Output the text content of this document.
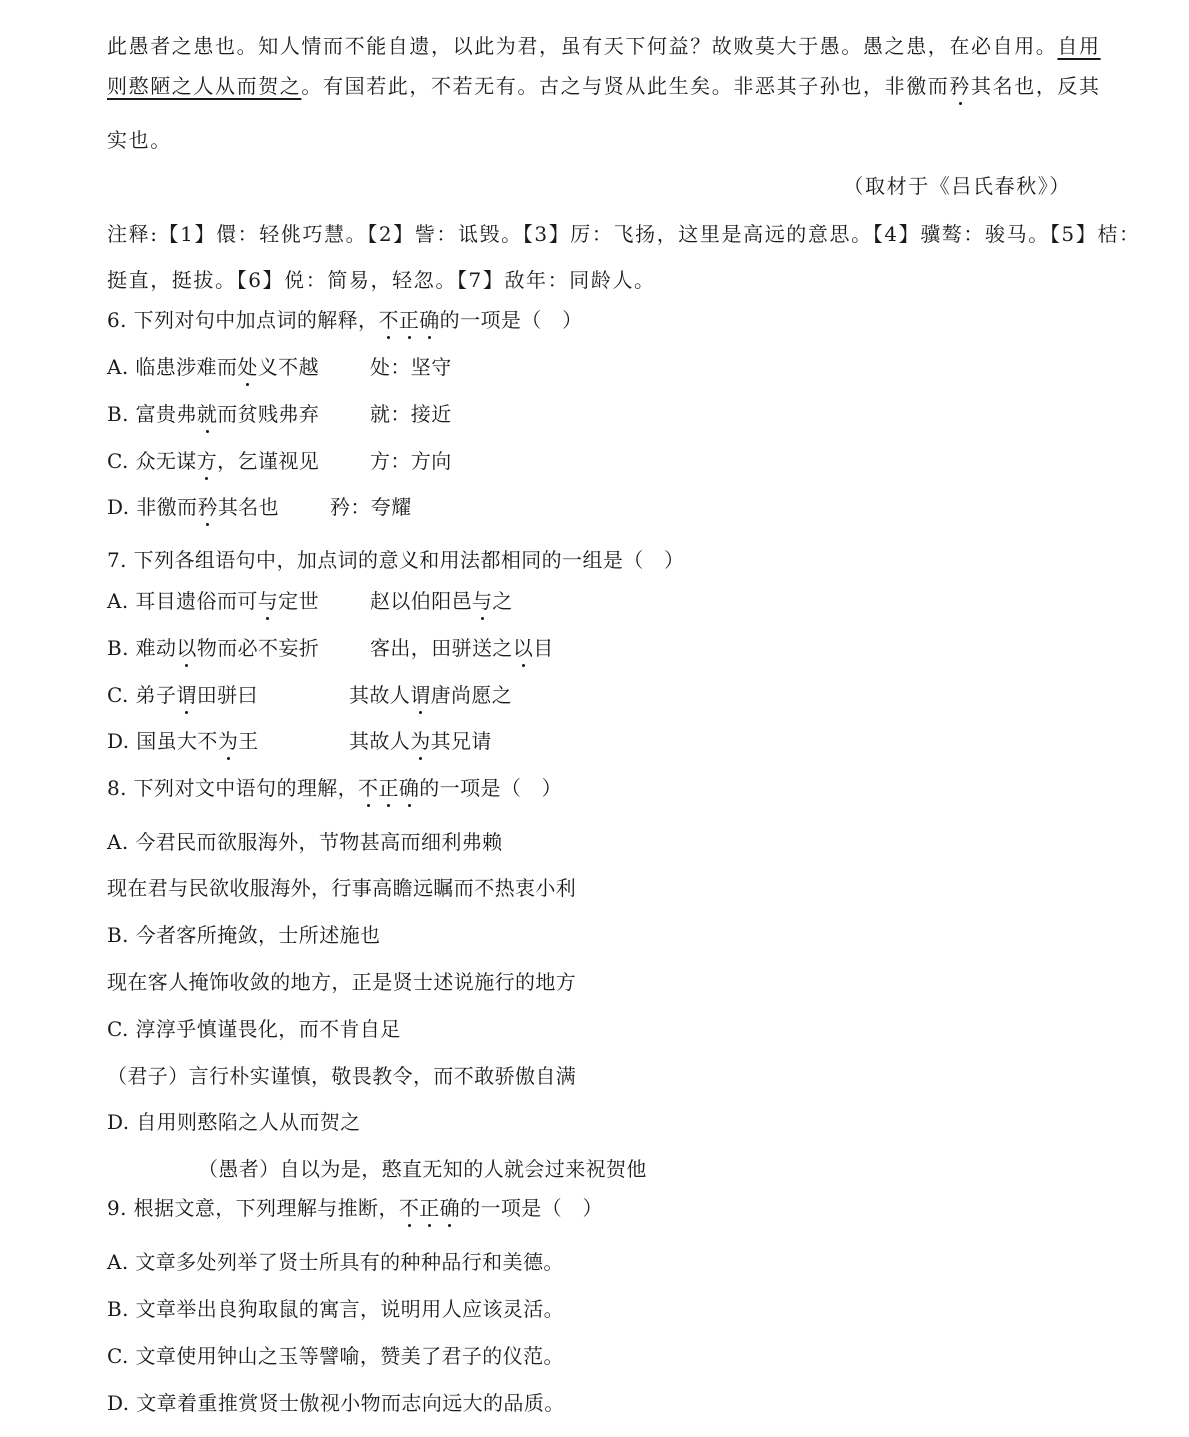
此愚者之患也。知人情而不能自遗，以此为君，虽有天下何益？故败莫大于愚。愚之患，在必自用。自用
则憨陋之人从而贺之。有国若此，不若无有。古之与贤从此生矣。非恶其子孙也，非徼而矜其名也，反其
实也。
（取材于《吕氏春秋》）
注释:【1】儇：轻佻巧慧。【2】訾：诋毁。【3】厉：飞扬，这里是高远的意思。【4】骥骜：骏马。【5】桔：
挺直，挺拔。【6】侻：简易，轻忽。【7】敌年：同龄人。
6. 下列对句中加点词的解释，不正确的一项是（　）
A. 临患涉难而处义不越	处：坚守
B. 富贵弗就而贫贱弗弃	就：接近
C. 众无谋方，乞谨视见	方：方向
D. 非徼而矜其名也	矜：夸耀
7. 下列各组语句中，加点词的意义和用法都相同的一组是（　）
A. 耳目遗俗而可与定世	赵以伯阳邑与之
B. 难动以物而必不妄折	客出，田骈送之以目
C. 弟子谓田骈曰	其故人谓唐尚愿之
D. 国虽大不为王	其故人为其兄请
8. 下列对文中语句的理解，不正确的一项是（　）
A. 今君民而欲服海外，节物甚高而细利弗赖
现在君与民欲收服海外，行事高瞻远瞩而不热衷小利
B. 今者客所掩敛，士所述施也
现在客人掩饰收敛的地方，正是贤士述说施行的地方
C. 淳淳乎慎谨畏化，而不肯自足
（君子）言行朴实谨慎，敬畏教令，而不敢骄傲自满
D. 自用则憨陷之人从而贺之
（愚者）自以为是，憨直无知的人就会过来祝贺他
9. 根据文意，下列理解与推断，不正确的一项是（　）
A. 文章多处列举了贤士所具有的种种品行和美德。
B. 文章举出良狗取鼠的寓言，说明用人应该灵活。
C. 文章使用钟山之玉等譬喻，赞美了君子的仪范。
D. 文章着重推赏贤士傲视小物而志向远大的品质。
